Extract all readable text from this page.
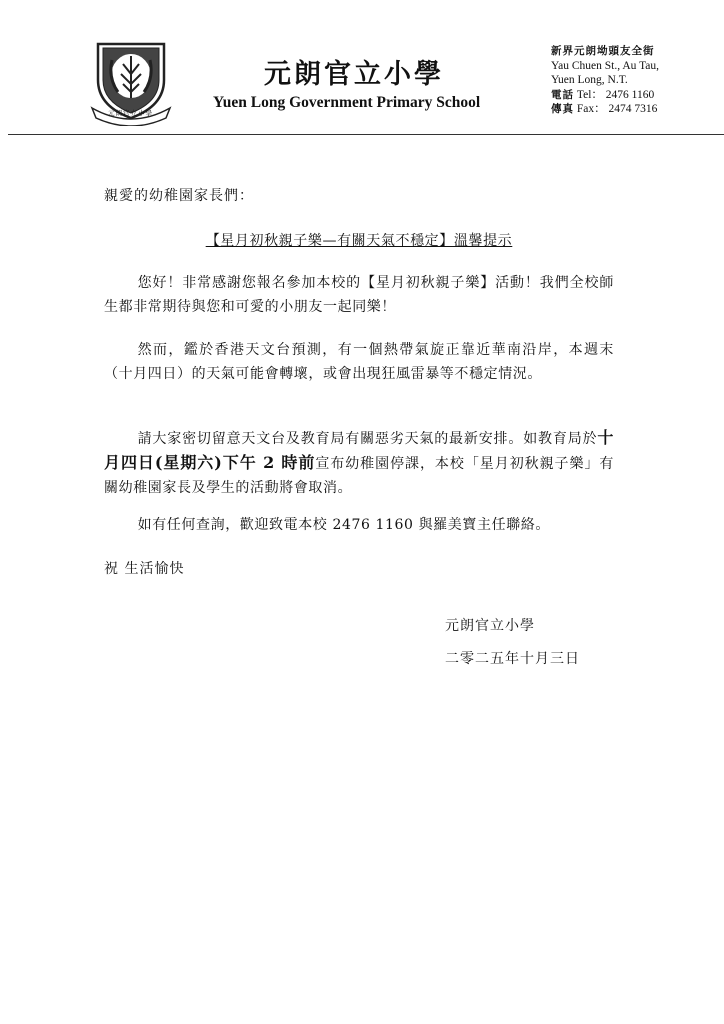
元朗官立小學
元朗官立小學
Yuen Long Government Primary School
新界元朗坳頭友全街
Yau Chuen St., Au Tau,
Yuen Long, N.T.
電話 Tel： 2476 1160
傳真 Fax： 2474 7316
親愛的幼稚園家長們：
【星月初秋親子樂—有關天氣不穩定】溫馨提示
您好！非常感謝您報名參加本校的【星月初秋親子樂】活動！我們全校師生都非常期待與您和可愛的小朋友一起同樂！
然而，鑑於香港天文台預測，有一個熱帶氣旋正靠近華南沿岸，本週末（十月四日）的天氣可能會轉壞，或會出現狂風雷暴等不穩定情況。
請大家密切留意天文台及教育局有關惡劣天氣的最新安排。如教育局於十月四日(星期六)下午 2 時前宣布幼稚園停課，本校「星月初秋親子樂」有關幼稚園家長及學生的活動將會取消。
如有任何查詢，歡迎致電本校 2476 1160 與羅美寶主任聯絡。
祝 生活愉快
元朗官立小學
二零二五年十月三日
